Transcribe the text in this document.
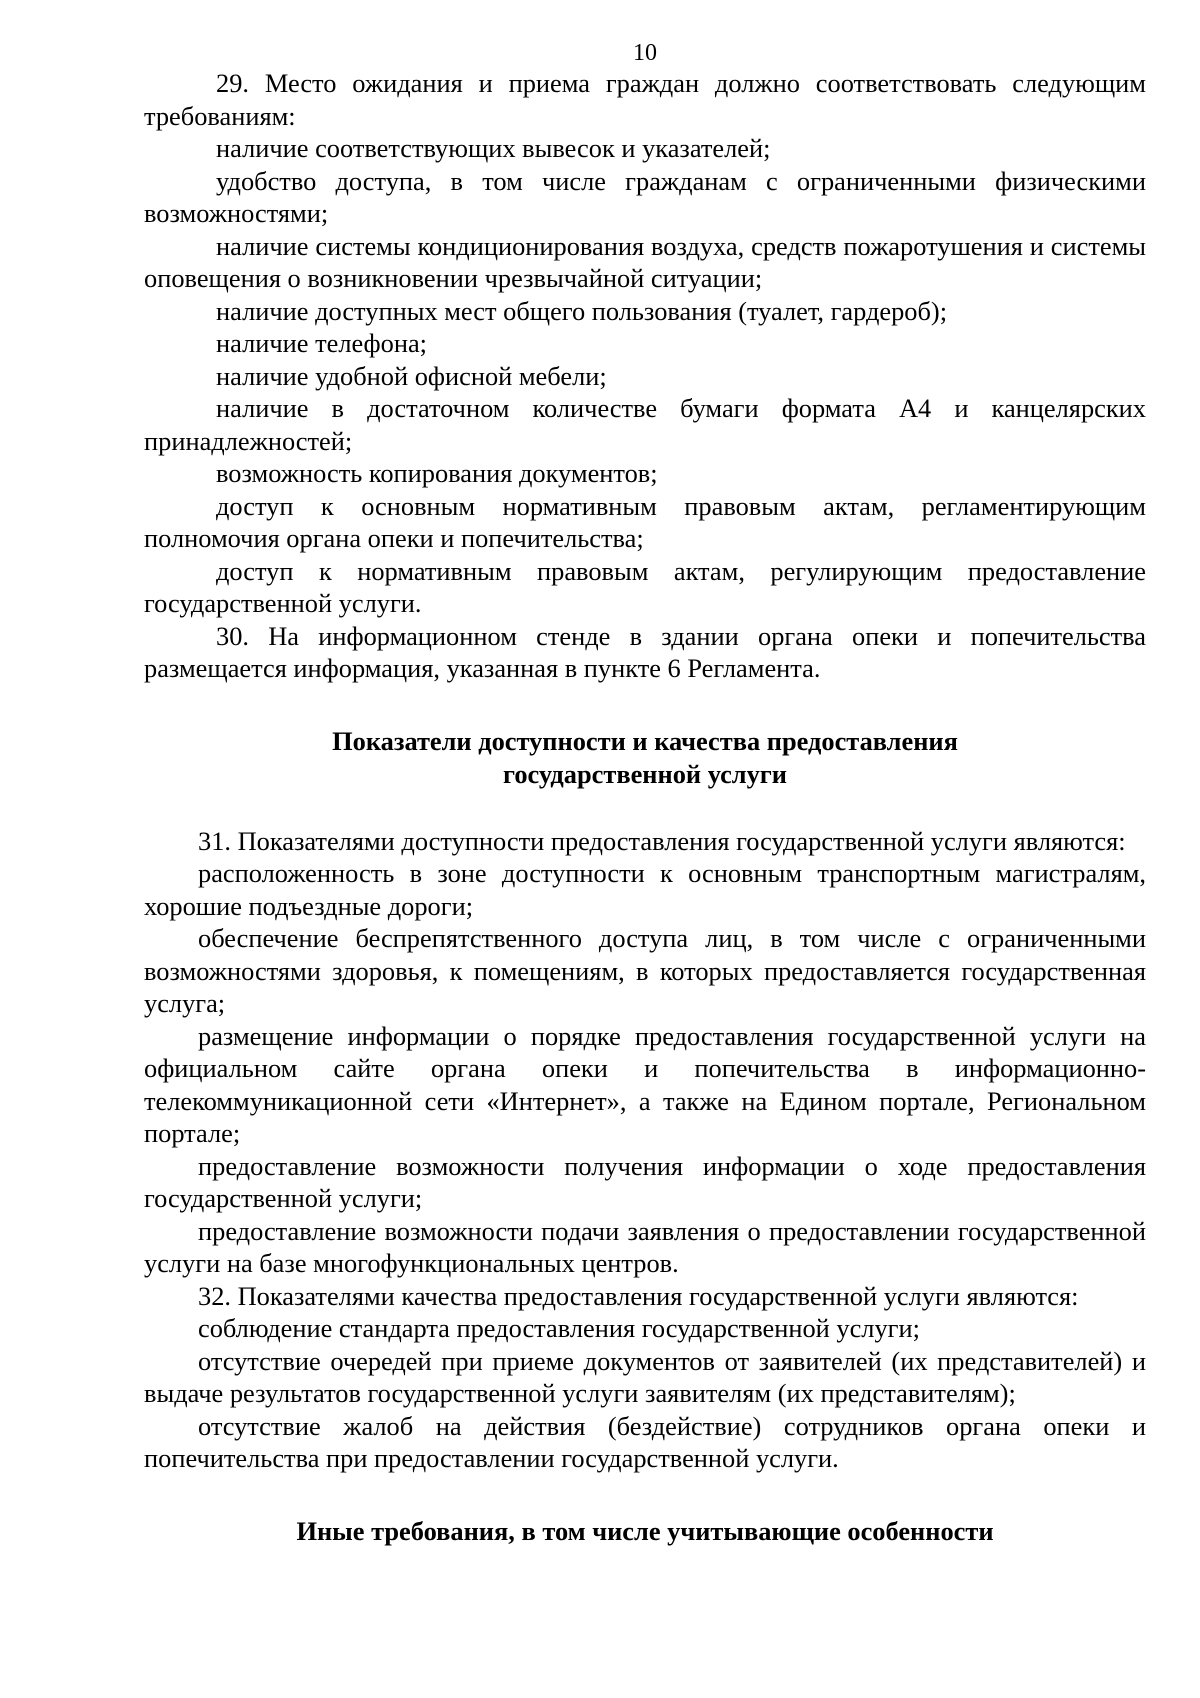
10

29. Место ожидания и приема граждан должно соответствовать следующим требованиям:

наличие соответствующих вывесок и указателей;

удобство доступа, в том числе гражданам с ограниченными физическими возможностями;

наличие системы кондиционирования воздуха, средств пожаротушения и системы оповещения о возникновении чрезвычайной ситуации;

наличие доступных мест общего пользования (туалет, гардероб);

наличие телефона;

наличие удобной офисной мебели;

наличие в достаточном количестве бумаги формата А4 и канцелярских принадлежностей;

возможность копирования документов;

доступ к основным нормативным правовым актам, регламентирующим полномочия органа опеки и попечительства;

доступ к нормативным правовым актам, регулирующим предоставление государственной услуги.

30. На информационном стенде в здании органа опеки и попечительства размещается информация, указанная в пункте 6 Регламента.

Показатели доступности и качества предоставления
государственной услуги

31. Показателями доступности предоставления государственной услуги являются:

расположенность в зоне доступности к основным транспортным магистралям, хорошие подъездные дороги;

обеспечение беспрепятственного доступа лиц, в том числе с ограниченными возможностями здоровья, к помещениям, в которых предоставляется государственная услуга;

размещение информации о порядке предоставления государственной услуги на официальном сайте органа опеки и попечительства в информационно-телекоммуникационной сети «Интернет», а также на Едином портале, Региональном портале;

предоставление возможности получения информации о ходе предоставления государственной услуги;

предоставление возможности подачи заявления о предоставлении государственной услуги на базе многофункциональных центров.

32. Показателями качества предоставления государственной услуги являются:

соблюдение стандарта предоставления государственной услуги;

отсутствие очередей при приеме документов от заявителей (их представителей) и выдаче результатов государственной услуги заявителям (их представителям);

отсутствие жалоб на действия (бездействие) сотрудников органа опеки и попечительства при предоставлении государственной услуги.

Иные требования, в том числе учитывающие особенности
